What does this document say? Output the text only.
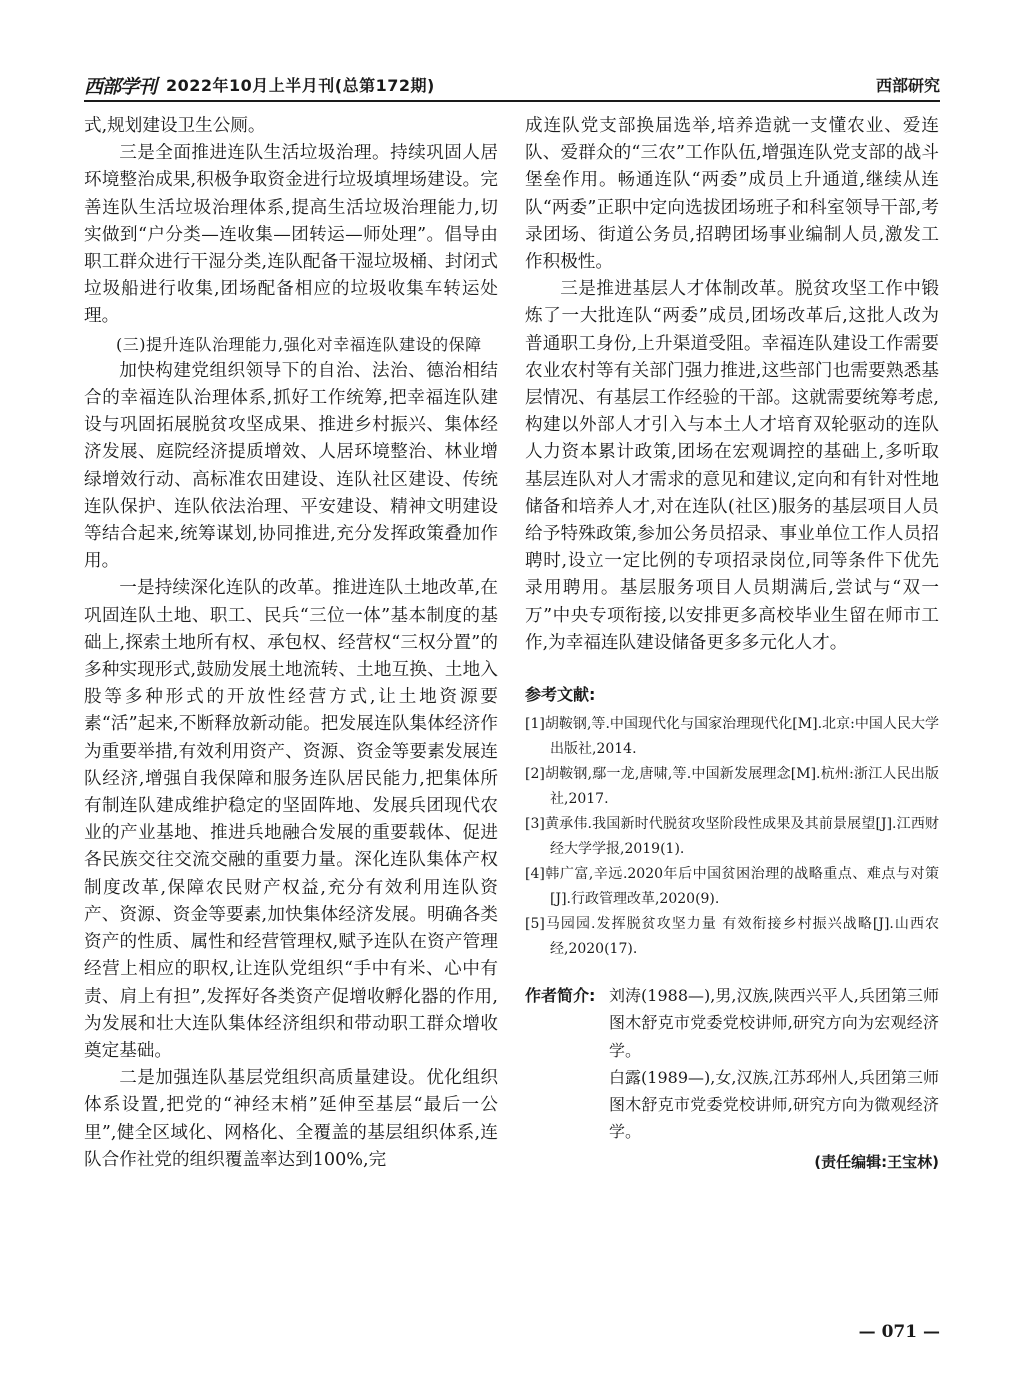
西部学刊 2022年10月上半月刊(总第172期)	西部研究

式,规划建设卫生公厕。

三是全面推进连队生活垃圾治理。持续巩固人居环境整治成果,积极争取资金进行垃圾填埋场建设。完善连队生活垃圾治理体系,提高生活垃圾治理能力,切实做到“户分类—连收集—团转运—师处理”。倡导由职工群众进行干湿分类,连队配备干湿垃圾桶、封闭式垃圾船进行收集,团场配备相应的垃圾收集车转运处理。

(三)提升连队治理能力,强化对幸福连队建设的保障

加快构建党组织领导下的自治、法治、德治相结合的幸福连队治理体系,抓好工作统筹,把幸福连队建设与巩固拓展脱贫攻坚成果、推进乡村振兴、集体经济发展、庭院经济提质增效、人居环境整治、林业增绿增效行动、高标准农田建设、连队社区建设、传统连队保护、连队依法治理、平安建设、精神文明建设等结合起来,统筹谋划,协同推进,充分发挥政策叠加作用。

一是持续深化连队的改革。推进连队土地改革,在巩固连队土地、职工、民兵“三位一体”基本制度的基础上,探索土地所有权、承包权、经营权“三权分置”的多种实现形式,鼓励发展土地流转、土地互换、土地入股等多种形式的开放性经营方式,让土地资源要素“活”起来,不断释放新动能。把发展连队集体经济作为重要举措,有效利用资产、资源、资金等要素发展连队经济,增强自我保障和服务连队居民能力,把集体所有制连队建成维护稳定的坚固阵地、发展兵团现代农业的产业基地、推进兵地融合发展的重要载体、促进各民族交往交流交融的重要力量。深化连队集体产权制度改革,保障农民财产权益,充分有效利用连队资产、资源、资金等要素,加快集体经济发展。明确各类资产的性质、属性和经营管理权,赋予连队在资产管理经营上相应的职权,让连队党组织“手中有米、心中有责、肩上有担”,发挥好各类资产促增收孵化器的作用,为发展和壮大连队集体经济组织和带动职工群众增收奠定基础。

二是加强连队基层党组织高质量建设。优化组织体系设置,把党的“神经末梢”延伸至基层“最后一公里”,健全区域化、网格化、全覆盖的基层组织体系,连队合作社党的组织覆盖率达到100%,完

成连队党支部换届选举,培养造就一支懂农业、爱连队、爱群众的“三农”工作队伍,增强连队党支部的战斗堡垒作用。畅通连队“两委”成员上升通道,继续从连队“两委”正职中定向选拔团场班子和科室领导干部,考录团场、街道公务员,招聘团场事业编制人员,激发工作积极性。

三是推进基层人才体制改革。脱贫攻坚工作中锻炼了一大批连队“两委”成员,团场改革后,这批人改为普通职工身份,上升渠道受阻。幸福连队建设工作需要农业农村等有关部门强力推进,这些部门也需要熟悉基层情况、有基层工作经验的干部。这就需要统筹考虑,构建以外部人才引入与本土人才培育双轮驱动的连队人力资本累计政策,团场在宏观调控的基础上,多听取基层连队对人才需求的意见和建议,定向和有针对性地储备和培养人才,对在连队(社区)服务的基层项目人员给予特殊政策,参加公务员招录、事业单位工作人员招聘时,设立一定比例的专项招录岗位,同等条件下优先录用聘用。基层服务项目人员期满后,尝试与“双一万”中央专项衔接,以安排更多高校毕业生留在师市工作,为幸福连队建设储备更多多元化人才。

参考文献:
[1]胡鞍钢,等.中国现代化与国家治理现代化[M].北京:中国人民大学出版社,2014.
[2]胡鞍钢,鄢一龙,唐啸,等.中国新发展理念[M].杭州:浙江人民出版社,2017.
[3]黄承伟.我国新时代脱贫攻坚阶段性成果及其前景展望[J].江西财经大学学报,2019(1).
[4]韩广富,辛远.2020年后中国贫困治理的战略重点、难点与对策[J].行政管理改革,2020(9).
[5]马园园.发挥脱贫攻坚力量 有效衔接乡村振兴战略[J].山西农经,2020(17).
作者简介: 刘涛(1988—),男,汉族,陕西兴平人,兵团第三师图木舒克市党委党校讲师,研究方向为宏观经济学。

白露(1989—),女,汉族,江苏邳州人,兵团第三师图木舒克市党委党校讲师,研究方向为微观经济学。

(责任编辑:王宝林)
— 071 —
